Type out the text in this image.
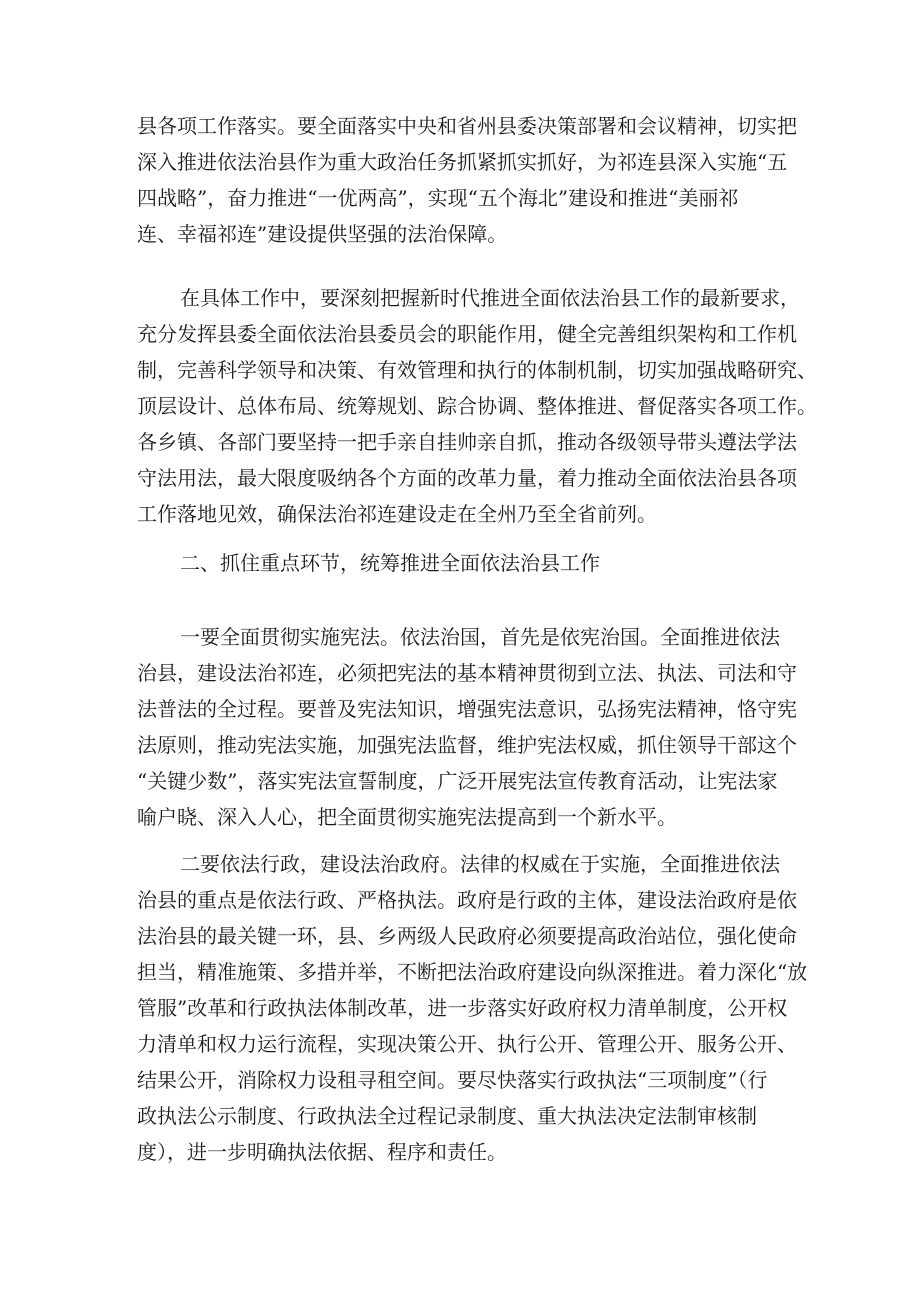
县各项工作落实。要全面落实中央和省州县委决策部署和会议精神，切实把
深入推进依法治县作为重大政治任务抓紧抓实抓好，为祁连县深入实施“五
四战略”，奋力推进“一优两高”，实现“五个海北”建设和推进“美丽祁
连、幸福祁连”建设提供坚强的法治保障。
在具体工作中，要深刻把握新时代推进全面依法治县工作的最新要求，
充分发挥县委全面依法治县委员会的职能作用，健全完善组织架构和工作机
制，完善科学领导和决策、有效管理和执行的体制机制，切实加强战略研究、
顶层设计、总体布局、统筹规划、踪合协调、整体推进、督促落实各项工作。
各乡镇、各部门要坚持一把手亲自挂帅亲自抓，推动各级领导带头遵法学法
守法用法，最大限度吸纳各个方面的改革力量，着力推动全面依法治县各项
工作落地见效，确保法治祁连建设走在全州乃至全省前列。
二、抓住重点环节，统筹推进全面依法治县工作
一要全面贯彻实施宪法。依法治国，首先是依宪治国。全面推进依法
治县，建设法治祁连，必须把宪法的基本精神贯彻到立法、执法、司法和守
法普法的全过程。要普及宪法知识，增强宪法意识，弘扬宪法精神，恪守宪
法原则，推动宪法实施，加强宪法监督，维护宪法权威，抓住领导干部这个
“关键少数”，落实宪法宣誓制度，广泛开展宪法宣传教育活动，让宪法家
喻户晓、深入人心，把全面贯彻实施宪法提高到一个新水平。
二要依法行政，建设法治政府。法律的权威在于实施，全面推进依法
治县的重点是依法行政、严格执法。政府是行政的主体，建设法治政府是依
法治县的最关键一环，县、乡两级人民政府必须要提高政治站位，强化使命
担当，精准施策、多措并举，不断把法治政府建设向纵深推进。着力深化“放
管服”改革和行政执法体制改革，进一步落实好政府权力清单制度，公开权
力清单和权力运行流程，实现决策公开、执行公开、管理公开、服务公开、
结果公开，消除权力设租寻租空间。要尽快落实行政执法“三项制度”（行
政执法公示制度、行政执法全过程记录制度、重大执法决定法制审核制
度），进一步明确执法依据、程序和责任。
